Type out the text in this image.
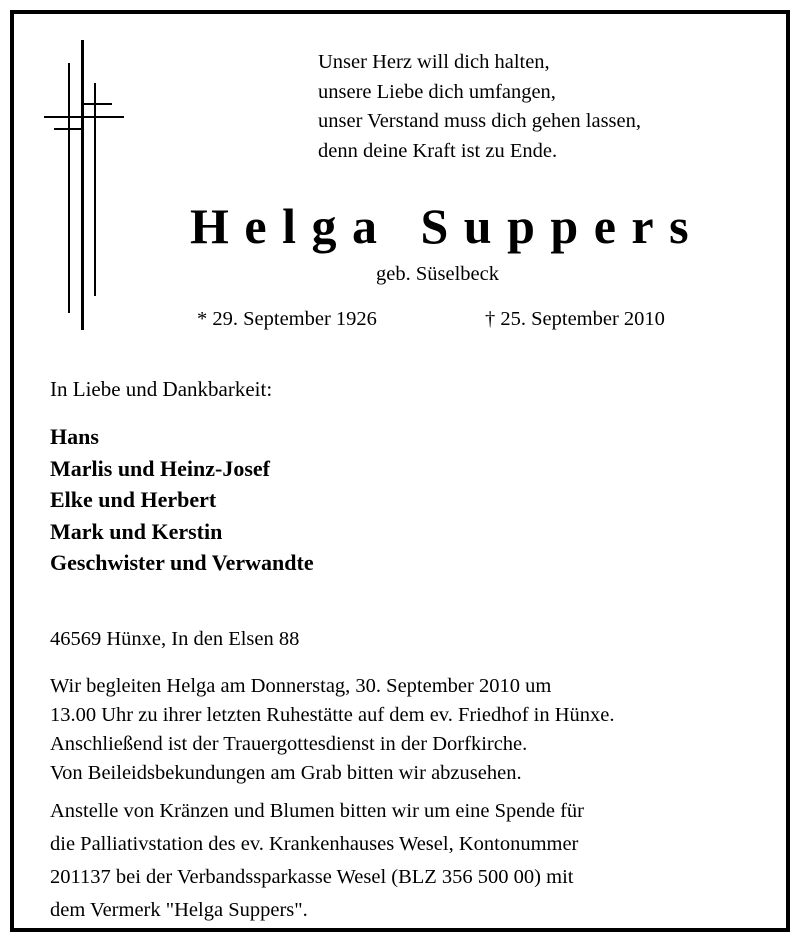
Unser Herz will dich halten,
unsere Liebe dich umfangen,
unser Verstand muss dich gehen lassen,
denn deine Kraft ist zu Ende.
Helga Suppers
geb. Süselbeck
* 29. September 1926	† 25. September 2010
In Liebe und Dankbarkeit:
Hans
Marlis und Heinz-Josef
Elke und Herbert
Mark und Kerstin
Geschwister und Verwandte
46569 Hünxe, In den Elsen 88
Wir begleiten Helga am Donnerstag, 30. September 2010 um
13.00 Uhr zu ihrer letzten Ruhestätte auf dem ev. Friedhof in Hünxe.
Anschließend ist der Trauergottesdienst in der Dorfkirche.
Von Beileidsbekundungen am Grab bitten wir abzusehen.
Anstelle von Kränzen und Blumen bitten wir um eine Spende für
die Palliativstation des ev. Krankenhauses Wesel, Kontonummer
201137 bei der Verbandssparkasse Wesel (BLZ 356 500 00) mit
dem Vermerk "Helga Suppers".
